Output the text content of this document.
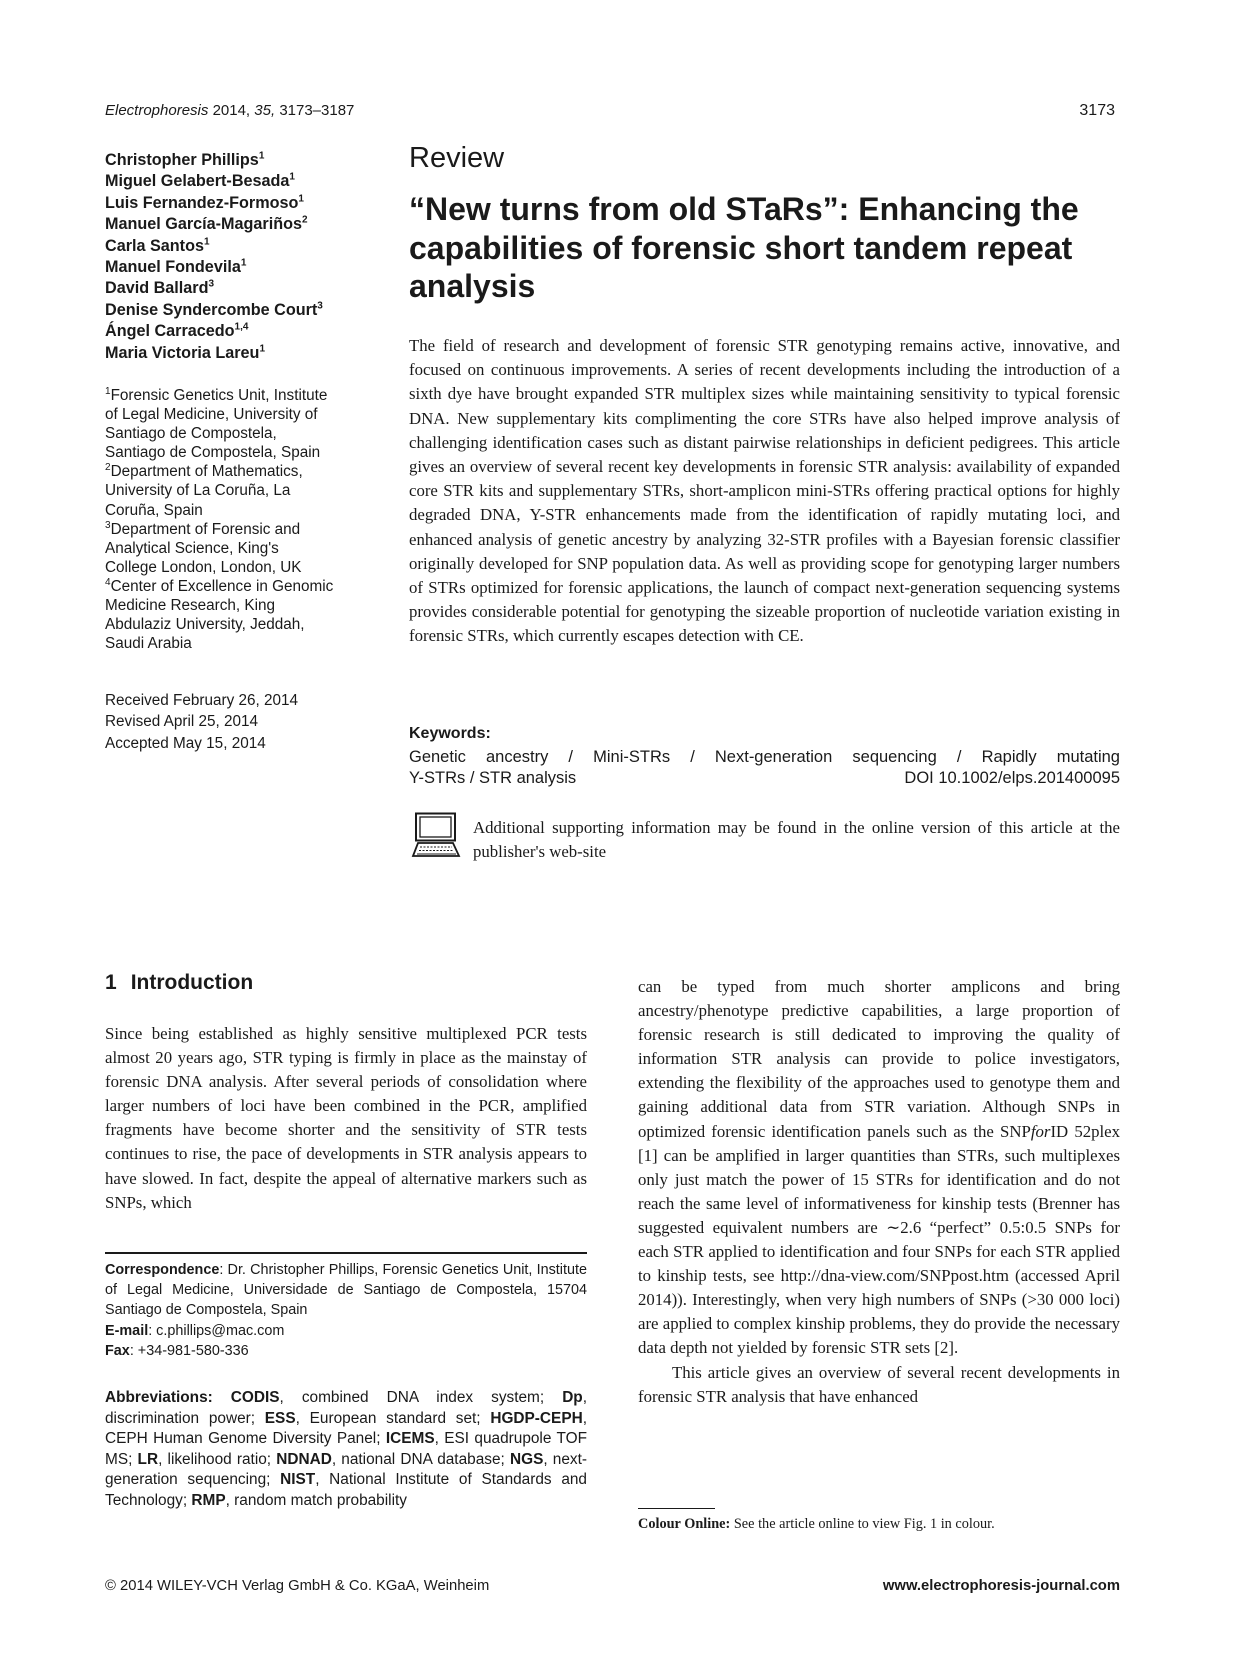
Electrophoresis 2014, 35, 3173–3187	3173
Christopher Phillips$^1$
Miguel Gelabert-Besada$^1$
Luis Fernandez-Formoso$^1$
Manuel García-Magariños$^2$
Carla Santos$^1$
Manuel Fondevila$^1$
David Ballard$^3$
Denise Syndercombe Court$^3$
Ángel Carracedo$^{1,4}$
Maria Victoria Lareu$^1$
$^1$Forensic Genetics Unit, Institute
of Legal Medicine, University of
Santiago de Compostela,
Santiago de Compostela, Spain
$^2$Department of Mathematics,
University of La Coruña, La
Coruña, Spain
$^3$Department of Forensic and
Analytical Science, King's
College London, London, UK
$^4$Center of Excellence in Genomic
Medicine Research, King
Abdulaziz University, Jeddah,
Saudi Arabia
Received February 26, 2014
Revised April 25, 2014
Accepted May 15, 2014
Review
“New turns from old STaRs”: Enhancing the capabilities of forensic short tandem repeat analysis

The field of research and development of forensic STR genotyping remains active, innovative, and focused on continuous improvements. A series of recent developments including the introduction of a sixth dye have brought expanded STR multiplex sizes while maintaining sensitivity to typical forensic DNA. New supplementary kits complimenting the core STRs have also helped improve analysis of challenging identification cases such as distant pairwise relationships in deficient pedigrees. This article gives an overview of several recent key developments in forensic STR analysis: availability of expanded core STR kits and supplementary STRs, short-amplicon mini-STRs offering practical options for highly degraded DNA, Y-STR enhancements made from the identification of rapidly mutating loci, and enhanced analysis of genetic ancestry by analyzing 32-STR profiles with a Bayesian forensic classifier originally developed for SNP population data. As well as providing scope for genotyping larger numbers of STRs optimized for forensic applications, the launch of compact next-generation sequencing systems provides considerable potential for genotyping the sizeable proportion of nucleotide variation existing in forensic STRs, which currently escapes detection with CE.

Keywords:
Genetic ancestry / Mini-STRs / Next-generation sequencing / Rapidly mutating
Y-STRs / STR analysis	DOI 10.1002/elps.201400095
Additional supporting information may be found in the online version of this article at the publisher's web-site
1 Introduction

Since being established as highly sensitive multiplexed PCR tests almost 20 years ago, STR typing is firmly in place as the mainstay of forensic DNA analysis. After several periods of consolidation where larger numbers of loci have been combined in the PCR, amplified fragments have become shorter and the sensitivity of STR tests continues to rise, the pace of developments in STR analysis appears to have slowed. In fact, despite the appeal of alternative markers such as SNPs, which

can be typed from much shorter amplicons and bring ancestry/phenotype predictive capabilities, a large proportion of forensic research is still dedicated to improving the quality of information STR analysis can provide to police investigators, extending the flexibility of the approaches used to genotype them and gaining additional data from STR variation. Although SNPs in optimized forensic identification panels such as the SNPforID 52plex [1] can be amplified in larger quantities than STRs, such multiplexes only just match the power of 15 STRs for identification and do not reach the same level of informativeness for kinship tests (Brenner has suggested equivalent numbers are ∼2.6 “perfect” 0.5:0.5 SNPs for each STR applied to identification and four SNPs for each STR applied to kinship tests, see http://dna-view.com/SNPpost.htm (accessed April 2014)). Interestingly, when very high numbers of SNPs (>30 000 loci) are applied to complex kinship problems, they do provide the necessary data depth not yielded by forensic STR sets [2].

This article gives an overview of several recent developments in forensic STR analysis that have enhanced

Correspondence: Dr. Christopher Phillips, Forensic Genetics Unit, Institute of Legal Medicine, Universidade de Santiago de Compostela, 15704 Santiago de Compostela, Spain
E-mail: c.phillips@mac.com
Fax: +34-981-580-336
Abbreviations: CODIS, combined DNA index system; Dp, discrimination power; ESS, European standard set; HGDP-CEPH, CEPH Human Genome Diversity Panel; ICEMS, ESI quadrupole TOF MS; LR, likelihood ratio; NDNAD, national DNA database; NGS, next-generation sequencing; NIST, National Institute of Standards and Technology; RMP, random match probability
Colour Online: See the article online to view Fig. 1 in colour.
© 2014 WILEY-VCH Verlag GmbH & Co. KGaA, Weinheim	www.electrophoresis-journal.com
